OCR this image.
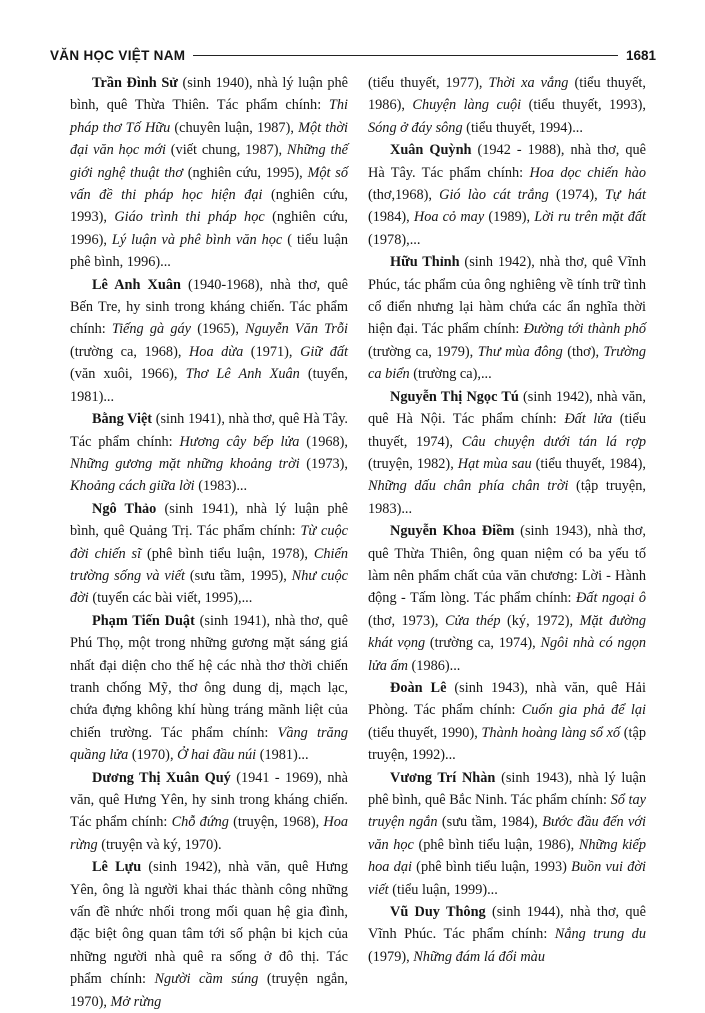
VĂN HỌC VIỆT NAM	1681

Trần Đình Sử (sinh 1940), nhà lý luận phê bình, quê Thừa Thiên. Tác phẩm chính: Thi pháp thơ Tố Hữu (chuyên luận, 1987), Một thời đại văn học mới (viết chung, 1987), Những thế giới nghệ thuật thơ (nghiên cứu, 1995), Một số vấn đề thi pháp học hiện đại (nghiên cứu, 1993), Giáo trình thi pháp học (nghiên cứu, 1996), Lý luận và phê bình văn học ( tiểu luận phê bình, 1996)...

Lê Anh Xuân (1940-1968), nhà thơ, quê Bến Tre, hy sinh trong kháng chiến. Tác phẩm chính: Tiếng gà gáy (1965), Nguyễn Văn Trỗi (trường ca, 1968), Hoa dừa (1971), Giữ đất (văn xuôi, 1966), Thơ Lê Anh Xuân (tuyển, 1981)...

Bằng Việt (sinh 1941), nhà thơ, quê Hà Tây. Tác phẩm chính: Hương cây bếp lửa (1968), Những gương mặt những khoảng trời (1973), Khoảng cách giữa lời (1983)...

Ngô Thảo (sinh 1941), nhà lý luận phê bình, quê Quảng Trị. Tác phẩm chính: Từ cuộc đời chiến sĩ (phê bình tiểu luận, 1978), Chiến trường sống và viết (sưu tầm, 1995), Như cuộc đời (tuyển các bài viết, 1995),...

Phạm Tiến Duật (sinh 1941), nhà thơ, quê Phú Thọ, một trong những gương mặt sáng giá nhất đại diện cho thế hệ các nhà thơ thời chiến tranh chống Mỹ, thơ ông dung dị, mạch lạc, chứa đựng không khí hùng tráng mãnh liệt của chiến trường. Tác phẩm chính: Vầng trăng quầng lửa (1970), Ở hai đầu núi (1981)...

Dương Thị Xuân Quý (1941 - 1969), nhà văn, quê Hưng Yên, hy sinh trong kháng chiến. Tác phẩm chính: Chỗ đứng (truyện, 1968), Hoa rừng (truyện và ký, 1970).

Lê Lựu (sinh 1942), nhà văn, quê Hưng Yên, ông là người khai thác thành công những vấn đề nhức nhối trong mối quan hệ gia đình, đặc biệt ông quan tâm tới số phận bi kịch của những người nhà quê ra sống ở đô thị. Tác phẩm chính: Người cầm súng (truyện ngắn, 1970), Mở rừng

(tiểu thuyết, 1977), Thời xa vắng (tiểu thuyết, 1986), Chuyện làng cuội (tiểu thuyết, 1993), Sóng ở đáy sông (tiểu thuyết, 1994)...

Xuân Quỳnh (1942 - 1988), nhà thơ, quê Hà Tây. Tác phẩm chính: Hoa dọc chiến hào (thơ,1968), Gió lào cát trắng (1974), Tự hát (1984), Hoa cỏ may (1989), Lời ru trên mặt đất (1978),...

Hữu Thỉnh (sinh 1942), nhà thơ, quê Vĩnh Phúc, tác phẩm của ông nghiêng về tính trữ tình cổ điển nhưng lại hàm chứa các ẩn nghĩa thời hiện đại. Tác phẩm chính: Đường tới thành phố (trường ca, 1979), Thư mùa đông (thơ), Trường ca biển (trường ca),...

Nguyễn Thị Ngọc Tú (sinh 1942), nhà văn, quê Hà Nội. Tác phẩm chính: Đất lửa (tiểu thuyết, 1974), Câu chuyện dưới tán lá rợp (truyện, 1982), Hạt mùa sau (tiểu thuyết, 1984), Những dấu chân phía chân trời (tập truyện, 1983)...

Nguyễn Khoa Điềm (sinh 1943), nhà thơ, quê Thừa Thiên, ông quan niệm có ba yếu tố làm nên phẩm chất của văn chương: Lời - Hành động - Tấm lòng. Tác phẩm chính: Đất ngoại ô (thơ, 1973), Cửa thép (ký, 1972), Mặt đường khát vọng (trường ca, 1974), Ngôi nhà có ngọn lửa ấm (1986)...

Đoàn Lê (sinh 1943), nhà văn, quê Hải Phòng. Tác phẩm chính: Cuốn gia phả để lại (tiểu thuyết, 1990), Thành hoàng làng sổ xố (tập truyện, 1992)...

Vương Trí Nhàn (sinh 1943), nhà lý luận phê bình, quê Bắc Ninh. Tác phẩm chính: Sổ tay truyện ngắn (sưu tầm, 1984), Bước đầu đến với văn học (phê bình tiểu luận, 1986), Những kiếp hoa dại (phê bình tiểu luận, 1993) Buồn vui đời viết (tiểu luận, 1999)...

Vũ Duy Thông (sinh 1944), nhà thơ, quê Vĩnh Phúc. Tác phẩm chính: Nắng trung du (1979), Những đám lá đổi màu
